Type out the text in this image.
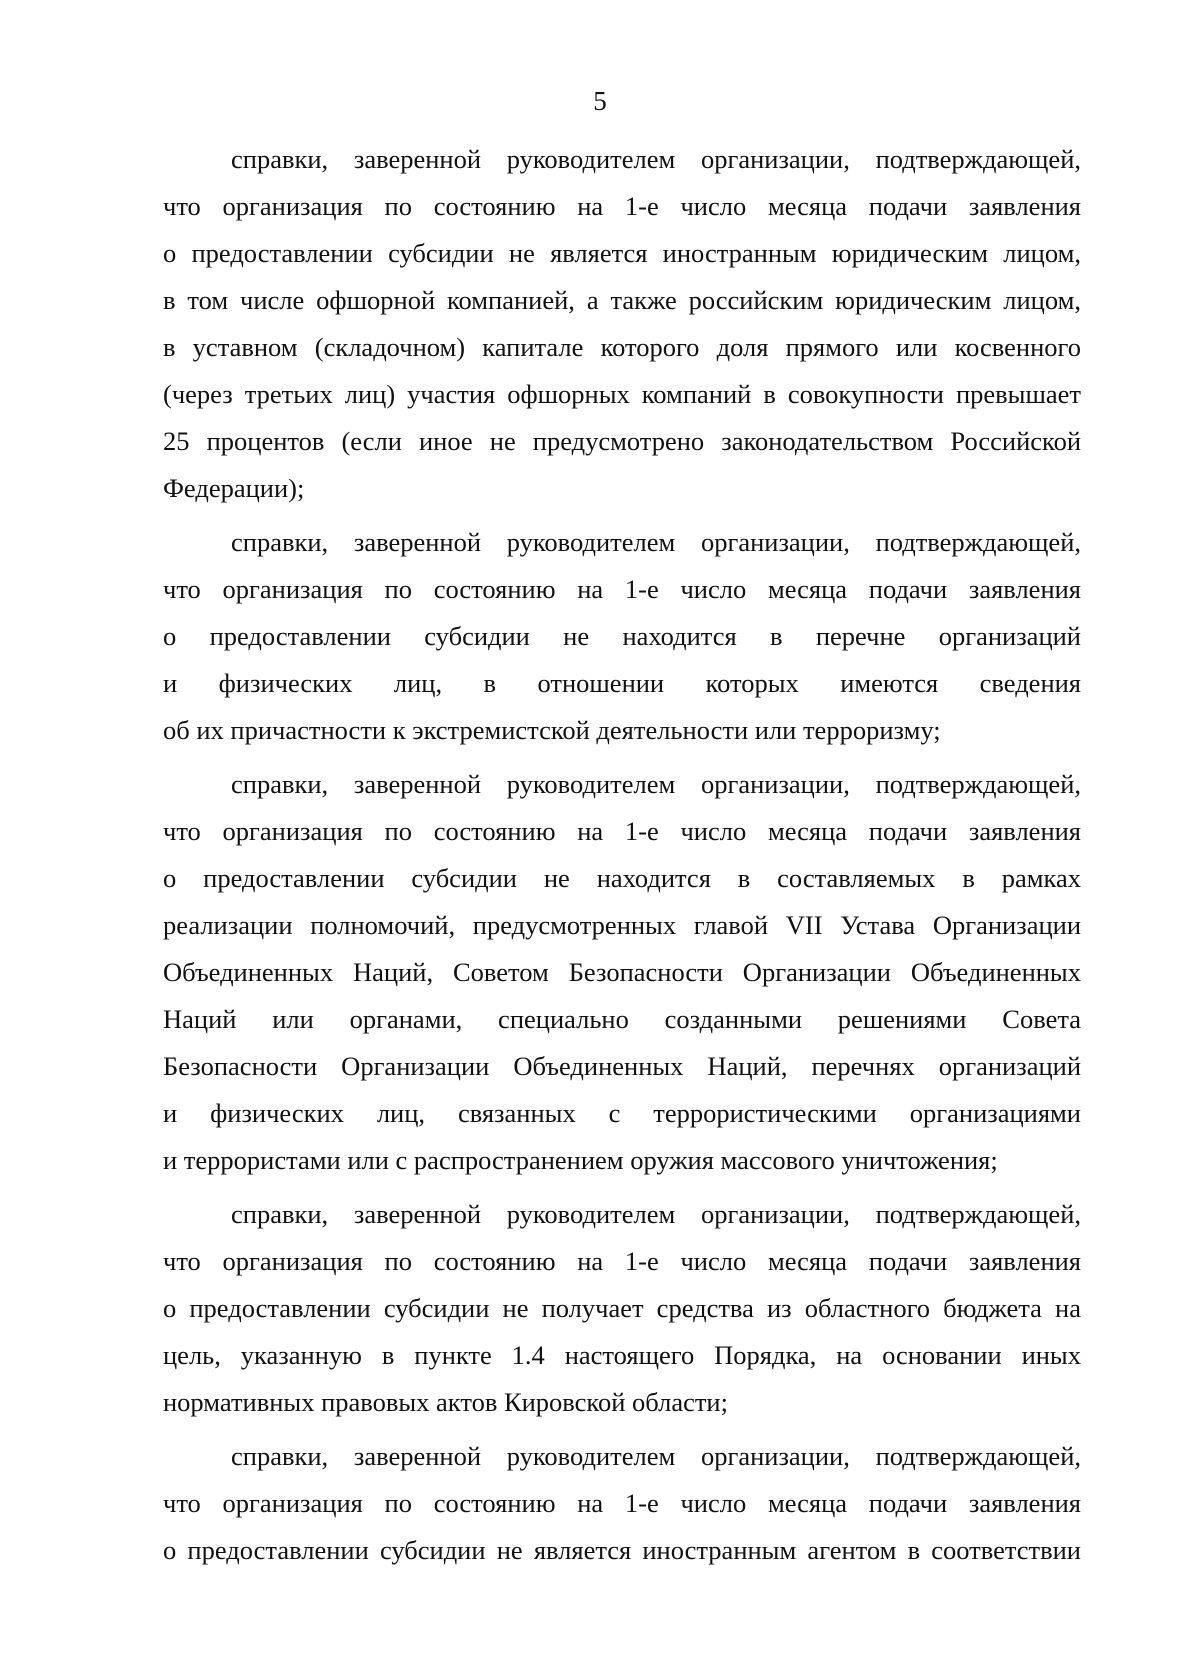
5
справки, заверенной руководителем организации, подтверждающей,
что организация по состоянию на 1-е число месяца подачи заявления
о предоставлении субсидии не является иностранным юридическим лицом,
в том числе офшорной компанией, а также российским юридическим лицом,
в уставном (складочном) капитале которого доля прямого или косвенного
(через третьих лиц) участия офшорных компаний в совокупности превышает
25 процентов (если иное не предусмотрено законодательством Российской
Федерации);
справки, заверенной руководителем организации, подтверждающей,
что организация по состоянию на 1-е число месяца подачи заявления
о предоставлении субсидии не находится в перечне организаций
и физических лиц, в отношении которых имеются сведения
об их причастности к экстремистской деятельности или терроризму;
справки, заверенной руководителем организации, подтверждающей,
что организация по состоянию на 1-е число месяца подачи заявления
о предоставлении субсидии не находится в составляемых в рамках
реализации полномочий, предусмотренных главой VII Устава Организации
Объединенных Наций, Советом Безопасности Организации Объединенных
Наций или органами, специально созданными решениями Совета
Безопасности Организации Объединенных Наций, перечнях организаций
и физических лиц, связанных с террористическими организациями
и террористами или с распространением оружия массового уничтожения;
справки, заверенной руководителем организации, подтверждающей,
что организация по состоянию на 1-е число месяца подачи заявления
о предоставлении субсидии не получает средства из областного бюджета на
цель, указанную в пункте 1.4 настоящего Порядка, на основании иных
нормативных правовых актов Кировской области;
справки, заверенной руководителем организации, подтверждающей,
что организация по состоянию на 1-е число месяца подачи заявления
о предоставлении субсидии не является иностранным агентом в соответствии
